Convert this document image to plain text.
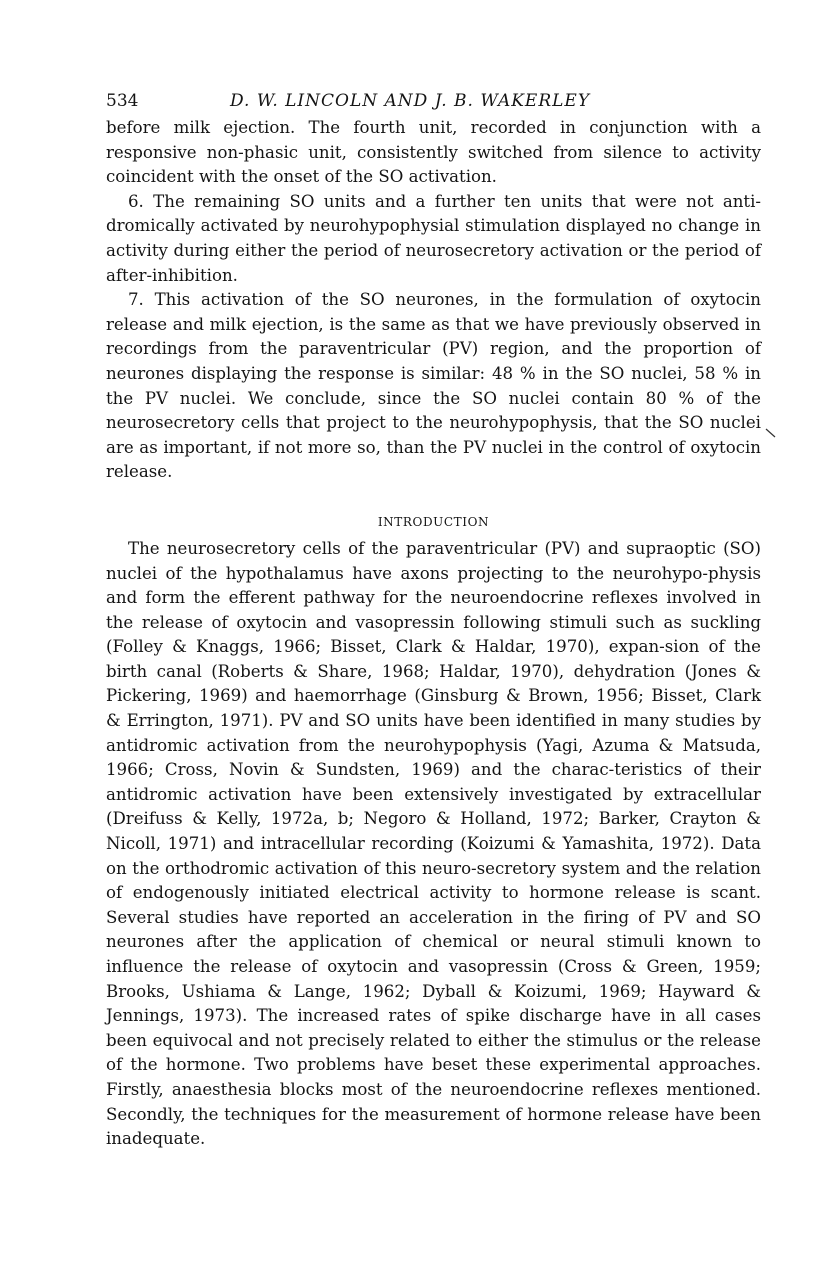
534	D. W. LINCOLN AND J. B. WAKERLEY

before milk ejection. The fourth unit, recorded in conjunction with a responsive non-phasic unit, consistently switched from silence to activity coincident with the onset of the SO activation.

6. The remaining SO units and a further ten units that were not anti-dromically activated by neurohypophysial stimulation displayed no change in activity during either the period of neurosecretory activation or the period of after-inhibition.

7. This activation of the SO neurones, in the formulation of oxytocin release and milk ejection, is the same as that we have previously observed in recordings from the paraventricular (PV) region, and the proportion of neurones displaying the response is similar: 48 % in the SO nuclei, 58 % in the PV nuclei. We conclude, since the SO nuclei contain 80 % of the neurosecretory cells that project to the neurohypophysis, that the SO nuclei are as important, if not more so, than the PV nuclei in the control of oxytocin release.

INTRODUCTION

The neurosecretory cells of the paraventricular (PV) and supraoptic (SO) nuclei of the hypothalamus have axons projecting to the neurohypo-physis and form the efferent pathway for the neuroendocrine reflexes involved in the release of oxytocin and vasopressin following stimuli such as suckling (Folley & Knaggs, 1966; Bisset, Clark & Haldar, 1970), expan-sion of the birth canal (Roberts & Share, 1968; Haldar, 1970), dehydration (Jones & Pickering, 1969) and haemorrhage (Ginsburg & Brown, 1956; Bisset, Clark & Errington, 1971). PV and SO units have been identified in many studies by antidromic activation from the neurohypophysis (Yagi, Azuma & Matsuda, 1966; Cross, Novin & Sundsten, 1969) and the charac-teristics of their antidromic activation have been extensively investigated by extracellular (Dreifuss & Kelly, 1972a, b; Negoro & Holland, 1972; Barker, Crayton & Nicoll, 1971) and intracellular recording (Koizumi & Yamashita, 1972). Data on the orthodromic activation of this neuro-secretory system and the relation of endogenously initiated electrical activity to hormone release is scant. Several studies have reported an acceleration in the firing of PV and SO neurones after the application of chemical or neural stimuli known to influence the release of oxytocin and vasopressin (Cross & Green, 1959; Brooks, Ushiama & Lange, 1962; Dyball & Koizumi, 1969; Hayward & Jennings, 1973). The increased rates of spike discharge have in all cases been equivocal and not precisely related to either the stimulus or the release of the hormone. Two problems have beset these experimental approaches. Firstly, anaesthesia blocks most of the neuroendocrine reflexes mentioned. Secondly, the techniques for the measurement of hormone release have been inadequate.
